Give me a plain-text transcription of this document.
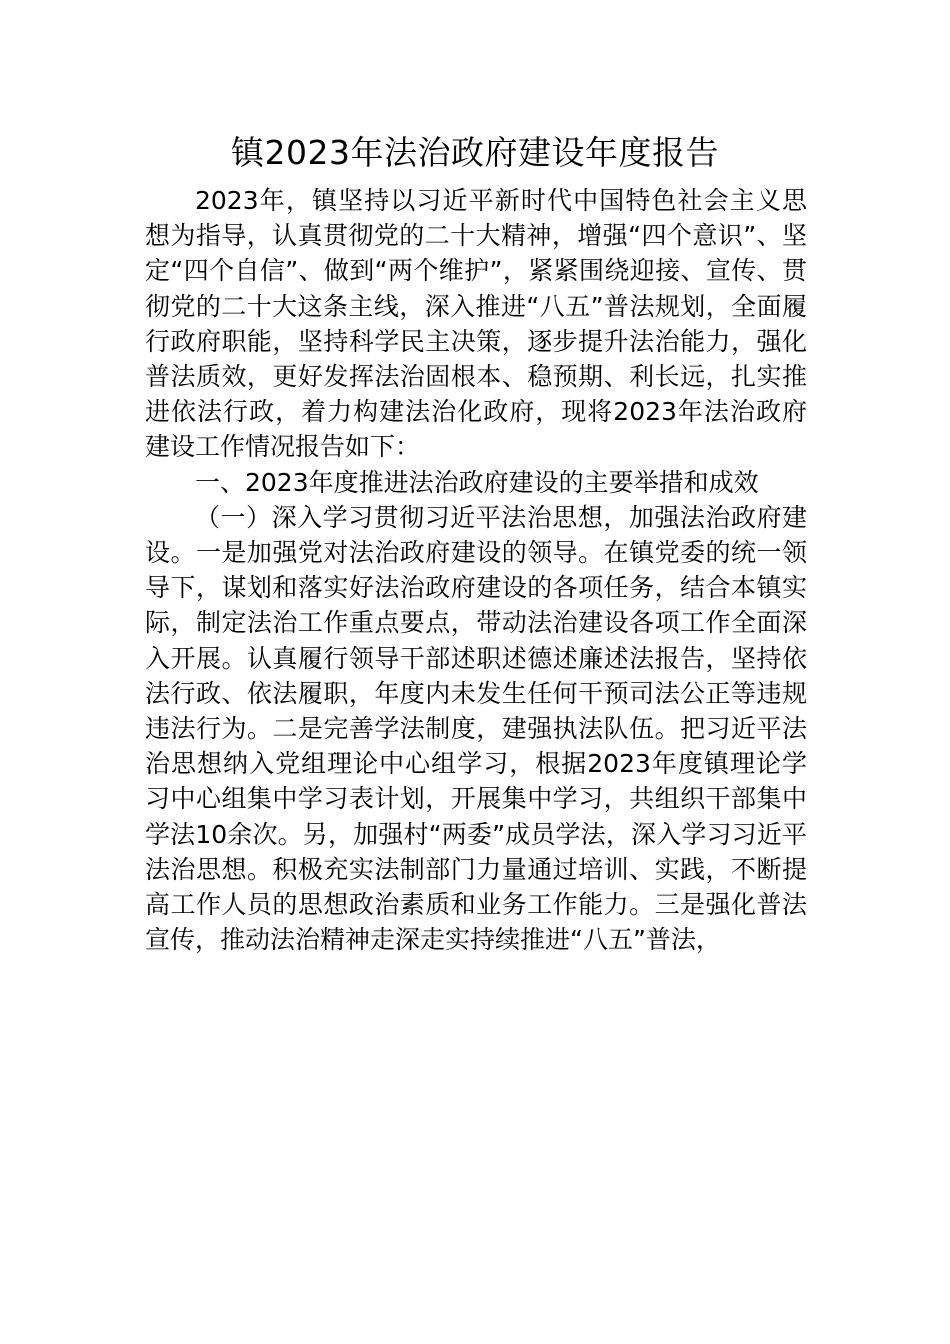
镇2023年法治政府建设年度报告

2023年，镇坚持以习近平新时代中国特色社会主义思想为指导，认真贯彻党的二十大精神，增强“四个意识”、坚定“四个自信”、做到“两个维护”，紧紧围绕迎接、宣传、贯彻党的二十大这条主线，深入推进“八五”普法规划，全面履行政府职能，坚持科学民主决策，逐步提升法治能力，强化普法质效，更好发挥法治固根本、稳预期、利长远，扎实推进依法行政，着力构建法治化政府，现将2023年法治政府建设工作情况报告如下：

一、2023年度推进法治政府建设的主要举措和成效

（一）深入学习贯彻习近平法治思想，加强法治政府建设。一是加强党对法治政府建设的领导。在镇党委的统一领导下，谋划和落实好法治政府建设的各项任务，结合本镇实际，制定法治工作重点要点，带动法治建设各项工作全面深入开展。认真履行领导干部述职述德述廉述法报告，坚持依法行政、依法履职，年度内未发生任何干预司法公正等违规违法行为。二是完善学法制度，建强执法队伍。把习近平法治思想纳入党组理论中心组学习，根据2023年度镇理论学习中心组集中学习表计划，开展集中学习，共组织干部集中学法10余次。另，加强村“两委”成员学法，深入学习习近平法治思想。积极充实法制部门力量通过培训、实践，不断提高工作人员的思想政治素质和业务工作能力。三是强化普法宣传，推动法治精神走深走实持续推进“八五”普法，
